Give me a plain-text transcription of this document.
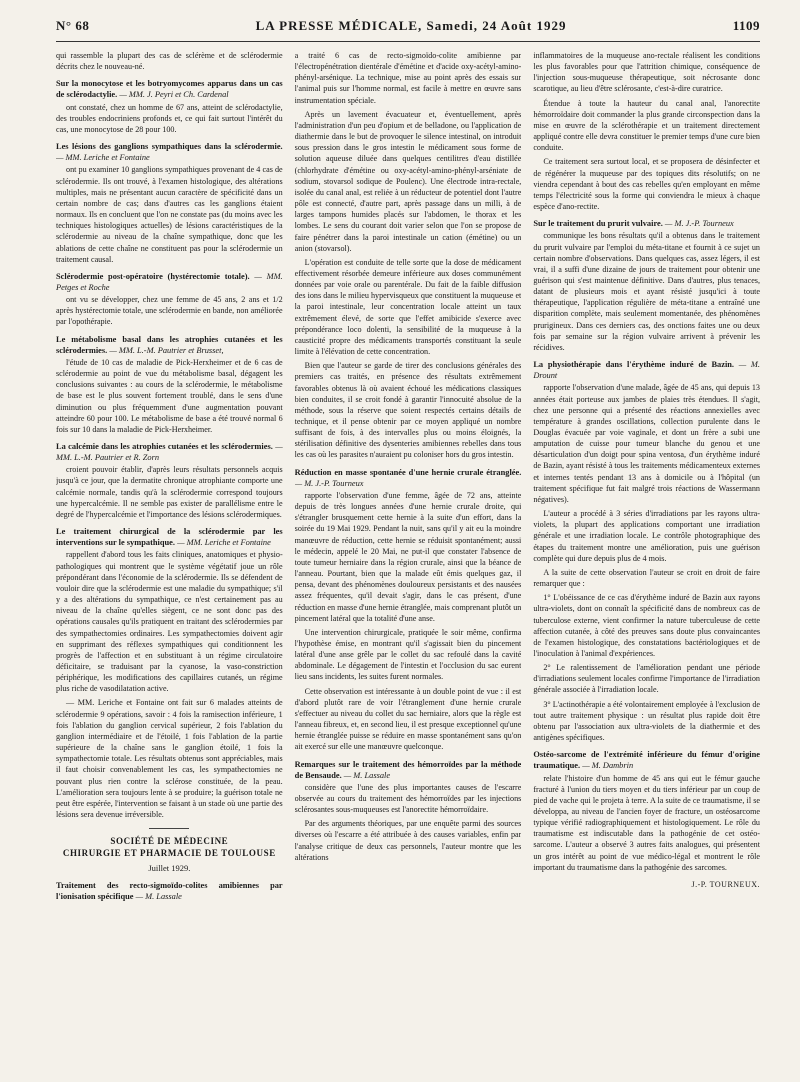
N° 68	LA PRESSE MÉDICALE, Samedi, 24 Août 1929	1109

qui rassemble la plupart des cas de sclérème et de sclérodermie décrits chez le nouveau-né.

Sur la monocytose et les botryomycomes apparus dans un cas de sclérodactylie. — MM. J. Peyri et Ch. Cardenal

ont constaté, chez un homme de 67 ans, atteint de sclérodactylie, des troubles endocriniens profonds et, ce qui fait surtout l'intérêt du cas, une monocytose de 28 pour 100.

Les lésions des ganglions sympathiques dans la sclérodermie. — MM. Leriche et Fontaine

ont pu examiner 10 ganglions sympathiques provenant de 4 cas de sclérodermie. Ils ont trouvé, à l'examen histologique, des altérations multiples, mais ne présentant aucun caractère de spécificité dans un certain nombre de cas; dans d'autres cas les ganglions étaient normaux. Ils en concluent que l'on ne constate pas (du moins avec les techniques histologiques actuelles) de lésions caractéristiques de la sclérodermie au niveau de la chaîne sympathique, donc que les ablations de cette chaîne ne constituent pas pour la sclérodermie un traitement causal.

Sclérodermie post-opératoire (hystérectomie totale). — MM. Petges et Roche

ont vu se développer, chez une femme de 45 ans, 2 ans et 1/2 après hystérectomie totale, une sclérodermie en bande, non améliorée par l'opothérapie.

Le métabolisme basal dans les atrophies cutanées et les sclérodermies. — MM. L.-M. Pautrier et Brusset,

l'étude de 10 cas de maladie de Pick-Herxheimer et de 6 cas de sclérodermie au point de vue du métabolisme basal, dégagent les conclusions suivantes : au cours de la sclérodermie, le métabolisme de base est le plus souvent fortement troublé, dans le sens d'une diminution ou plus fréquemment d'une augmentation pouvant atteindre 60 pour 100. Le métabolisme de base a été trouvé normal 6 fois sur 10 dans la maladie de Pick-Herxheimer.

La calcémie dans les atrophies cutanées et les sclérodermies. — MM. L.-M. Pautrier et R. Zorn

croient pouvoir établir, d'après leurs résultats personnels acquis jusqu'à ce jour, que la dermatite chronique atrophiante comporte une calcémie normale, tandis qu'à la sclérodermie correspond toujours une hypercalcémie. Il ne semble pas exister de parallélisme entre le degré de l'hypercalcémie et l'importance des lésions sclérodermiques.

Le traitement chirurgical de la sclérodermie par les interventions sur le sympathique. — MM. Leriche et Fontaine

rappellent d'abord tous les faits cliniques, anatomiques et physio-pathologiques qui montrent que le système végétatif joue un rôle prépondérant dans l'économie de la sclérodermie. Ils se défendent de vouloir dire que la sclérodermie est une maladie du sympathique; s'il y a des altérations du sympathique, ce n'est certainement pas au niveau de la chaîne qu'elles siègent, ce ne sont donc pas des opérations causales qu'ils pratiquent en traitant des sclérodermies par des sympathectomies ordinaires. Les sympathectomies doivent agir en supprimant des réflexes sympathiques qui conditionnent les progrès de l'affection et en substituant à un régime circulatoire déficitaire, se traduisant par la cyanose, la vaso-constriction périphérique, les modifications des capillaires cutanés, un régime plus riche de vasodilatation active.

— MM. Leriche et Fontaine ont fait sur 6 malades atteints de sclérodermie 9 opérations, savoir : 4 fois la ramisection inférieure, 1 fois l'ablation du ganglion cervical supérieur, 2 fois l'ablation du ganglion intermédiaire et de l'étoilé, 1 fois l'ablation de la partie supérieure de la chaîne sans le ganglion étoilé, 1 fois la sympathectomie totale. Les résultats obtenus sont appréciables, mais il faut choisir convenablement les cas, les sympathectomies ne pouvant plus rien contre la sclérose constituée, de la peau. L'amélioration sera toujours lente à se produire; la guérison totale ne peut être espérée, l'intervention se faisant à un stade où une partie des lésions sera devenue irréversible.

SOCIÉTÉ DE MÉDECINE
CHIRURGIE ET PHARMACIE DE TOULOUSE
Juillet 1929.
Traitement des recto-sigmoïdo-colites amibiennes par l'ionisation spécifique — M. Lassale

a traité 6 cas de recto-sigmoïdo-colite amibienne par l'électropénétration dientérale d'émétine et d'acide oxy-acétyl-amino-phényl-arsénique. La technique, mise au point après des essais sur l'animal puis sur l'homme normal, est facile à mettre en œuvre sans instrumentation spéciale.

Après un lavement évacuateur et, éventuellement, après l'administration d'un peu d'opium et de belladone, ou l'application de diathermie dans le but de provoquer le silence intestinal, on introduit sous pression dans le gros intestin le médicament sous forme de solution aqueuse diluée dans quelques centilitres d'eau distillée (chlorhydrate d'émétine ou oxy-acétyl-amino-phényl-arséniate de sodium, stovarsol sodique de Poulenc). Une électrode intra-rectale, isolée du canal anal, est reliée à un réducteur de potentiel dont l'autre pôle est connecté, d'autre part, après passage dans un milli, à de larges tampons humides placés sur l'abdomen, le thorax et les lombes. Le sens du courant doit varier selon que l'on se propose de faire pénétrer dans la paroi intestinale un cation (émétine) ou un anion (stovarsol).

L'opération est conduite de telle sorte que la dose de médicament effectivement résorbée demeure inférieure aux doses communément données par voie orale ou parentérale. Du fait de la faible diffusion des ions dans le milieu hypervisqueux que constituent la muqueuse et la paroi intestinale, leur concentration locale atteint un taux extrêmement élevé, de sorte que l'effet amibicide s'exerce avec prépondérance loco dolenti, la sensibilité de la muqueuse à la causticité propre des médicaments transportés constituant la seule limite à l'élévation de cette concentration.

Bien que l'auteur se garde de tirer des conclusions générales des premiers cas traités, en présence des résultats extrêmement favorables obtenus là où avaient échoué les médications classiques bien conduites, il se croit fondé à garantir l'innocuité absolue de la méthode, sous la réserve que soient respectés certains détails de technique, et il pense obtenir par ce moyen appliqué un nombre suffisant de fois, à des intervalles plus ou moins éloignés, la stérilisation définitive des dysenteries amibiennes rebelles dans tous les cas où les parasites n'auraient pu coloniser hors du gros intestin.

Réduction en masse spontanée d'une hernie crurale étranglée. — M. J.-P. Tourneux

rapporte l'observation d'une femme, âgée de 72 ans, atteinte depuis de très longues années d'une hernie crurale droite, qui s'étrangler brusquement cette hernie à la suite d'un effort, dans la soirée du 19 Mai 1929. Pendant la nuit, sans qu'il y ait eu la moindre manœuvre de réduction, cette hernie se réduisit spontanément; aussi le médecin, appelé le 20 Mai, ne put-il que constater l'absence de toute tumeur herniaire dans la région crurale, ainsi que la béance de l'anneau. Pourtant, bien que la malade eût émis quelques gaz, il pensa, devant des phénomènes douloureux persistants et des nausées assez fréquentes, qu'il devait s'agir, dans le cas présent, d'une réduction en masse d'une hernie étranglée, mais comprenant plutôt un pincement latéral que la totalité d'une anse.

Une intervention chirurgicale, pratiquée le soir même, confirma l'hypothèse émise, en montrant qu'il s'agissait bien du pincement latéral d'une anse grêle par le collet du sac refoulé dans la cavité abdominale. Le dégagement de l'intestin et l'occlusion du sac eurent lieu sans incidents, les suites furent normales.

Cette observation est intéressante à un double point de vue : il est d'abord plutôt rare de voir l'étranglement d'une hernie crurale s'effectuer au niveau du collet du sac herniaire, alors que la règle est l'anneau fibreux, et, en second lieu, il est presque exceptionnel qu'une hernie étranglée puisse se réduire en masse spontanément sans qu'on ait exercé sur elle une manœuvre quelconque.

Remarques sur le traitement des hémorroïdes par la méthode de Bensaude. — M. Lassale

considère que l'une des plus importantes causes de l'escarre observée au cours du traitement des hémorroïdes par les injections sclérosantes sous-muqueuses est l'anorectite hémorroïdaire.

Par des arguments théoriques, par une enquête parmi des sources diverses où l'escarre a été attribuée à des causes variables, enfin par l'analyse critique de deux cas personnels, l'auteur montre que les altérations

inflammatoires de la muqueuse ano-rectale réalisent les conditions les plus favorables pour que l'attrition chimique, conséquence de l'injection sous-muqueuse thérapeutique, soit nécrosante donc scarotique, au lieu d'être sclérosante, c'est-à-dire curatrice.

Étendue à toute la hauteur du canal anal, l'anorectite hémorroïdaire doit commander la plus grande circonspection dans la mise en œuvre de la sclérothérapie et un traitement directement appliqué contre elle devra constituer le premier temps d'une cure bien conduite.

Ce traitement sera surtout local, et se proposera de désinfecter et de régénérer la muqueuse par des topiques dits résolutifs; on ne viendra cependant à bout des cas rebelles qu'en employant en même temps l'électricité sous la forme qui conviendra le mieux à chaque espèce d'ano-rectite.

Sur le traitement du prurit vulvaire. — M. J.-P. Tourneux

communique les bons résultats qu'il a obtenus dans le traitement du prurit vulvaire par l'emploi du méta-titane et fournit à ce sujet un certain nombre d'observations. Dans quelques cas, assez légers, il est vrai, il a suffi d'une dizaine de jours de traitement pour obtenir une guérison qui s'est maintenue définitive. Dans d'autres, plus tenaces, datant de plusieurs mois et ayant résisté jusqu'ici à toute thérapeutique, l'application régulière de méta-titane a entraîné une disparition complète, mais seulement momentanée, des phénomènes prurigineux. Dans ces derniers cas, des onctions faites une ou deux fois par semaine sur la région vulvaire arrivent à prévenir les récidives.

La physiothérapie dans l'érythème induré de Bazin. — M. Drount

rapporte l'observation d'une malade, âgée de 45 ans, qui depuis 13 années était porteuse aux jambes de plaies très étendues. Il s'agit, chez une personne qui a présenté des réactions annexielles avec température à grandes oscillations, collection purulente dans le Douglas évacuée par voie vaginale, et dont un frère a subi une amputation de cuisse pour tumeur blanche du genou et une désarticulation d'un doigt pour spina ventosa, d'un érythème induré de Bazin, ayant résisté à tous les traitements médicamenteux externes et internes tentés pendant 13 ans à domicile ou à l'hôpital (un traitement spécifique fut fait malgré trois réactions de Wassermann négatives).

L'auteur a procédé à 3 séries d'irradiations par les rayons ultra-violets, la plupart des applications comportant une irradiation générale et une irradiation locale. Le contrôle photographique des étapes du traitement montre une amélioration, puis une guérison complète qui dure depuis plus de 4 mois.

A la suite de cette observation l'auteur se croit en droit de faire remarquer que :

1° L'obéissance de ce cas d'érythème induré de Bazin aux rayons ultra-violets, dont on connaît la spécificité dans de nombreux cas de tuberculose externe, vient confirmer la nature tuberculeuse de cette affection cutanée, à côté des preuves sans doute plus convaincantes de l'examen histologique, des constatations bactériologiques et de l'inoculation à l'animal d'expériences.

2° Le ralentissement de l'amélioration pendant une période d'irradiations seulement locales confirme l'importance de l'irradiation générale associée à l'irradiation locale.

3° L'actinothérapie a été volontairement employée à l'exclusion de tout autre traitement physique : un résultat plus rapide doit être obtenu par l'association aux ultra-violets de la diathermie et des antigènes spécifiques.

Ostéo-sarcome de l'extrémité inférieure du fémur d'origine traumatique. — M. Dambrin

relate l'histoire d'un homme de 45 ans qui eut le fémur gauche fracturé à l'union du tiers moyen et du tiers inférieur par un coup de pied de vache qui le projeta à terre. A la suite de ce traumatisme, il se développa, au niveau de l'ancien foyer de fracture, un ostéosarcome typique vérifié radiographiquement et histologiquement. Le rôle du traumatisme est indiscutable dans la pathogénie de cet ostéo-sarcome. L'auteur a observé 3 autres faits analogues, qui présentent un gros intérêt au point de vue médico-légal et montrent le rôle important du traumatisme dans la pathogénie des sarcomes.

J.-P. TOURNEUX.
